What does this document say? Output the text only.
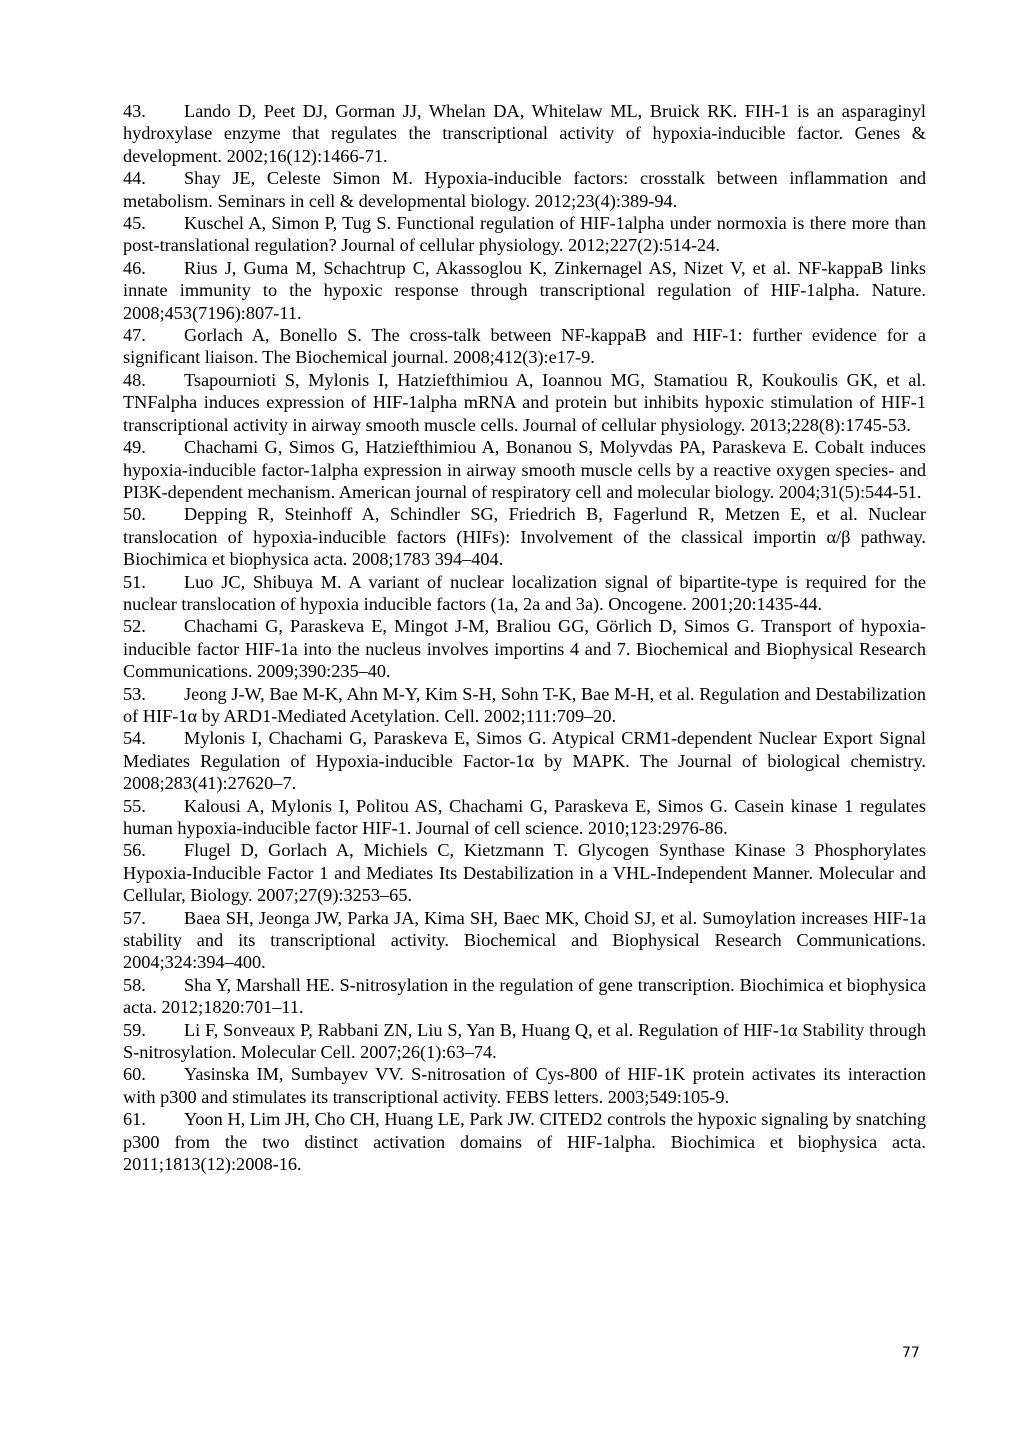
43. Lando D, Peet DJ, Gorman JJ, Whelan DA, Whitelaw ML, Bruick RK. FIH-1 is an asparaginyl hydroxylase enzyme that regulates the transcriptional activity of hypoxia-inducible factor. Genes & development. 2002;16(12):1466-71.
44. Shay JE, Celeste Simon M. Hypoxia-inducible factors: crosstalk between inflammation and metabolism. Seminars in cell & developmental biology. 2012;23(4):389-94.
45. Kuschel A, Simon P, Tug S. Functional regulation of HIF-1alpha under normoxia is there more than post-translational regulation? Journal of cellular physiology. 2012;227(2):514-24.
46. Rius J, Guma M, Schachtrup C, Akassoglou K, Zinkernagel AS, Nizet V, et al. NF-kappaB links innate immunity to the hypoxic response through transcriptional regulation of HIF-1alpha. Nature. 2008;453(7196):807-11.
47. Gorlach A, Bonello S. The cross-talk between NF-kappaB and HIF-1: further evidence for a significant liaison. The Biochemical journal. 2008;412(3):e17-9.
48. Tsapournioti S, Mylonis I, Hatziefthimiou A, Ioannou MG, Stamatiou R, Koukoulis GK, et al. TNFalpha induces expression of HIF-1alpha mRNA and protein but inhibits hypoxic stimulation of HIF-1 transcriptional activity in airway smooth muscle cells. Journal of cellular physiology. 2013;228(8):1745-53.
49. Chachami G, Simos G, Hatziefthimiou A, Bonanou S, Molyvdas PA, Paraskeva E. Cobalt induces hypoxia-inducible factor-1alpha expression in airway smooth muscle cells by a reactive oxygen species- and PI3K-dependent mechanism. American journal of respiratory cell and molecular biology. 2004;31(5):544-51.
50. Depping R, Steinhoff A, Schindler SG, Friedrich B, Fagerlund R, Metzen E, et al. Nuclear translocation of hypoxia-inducible factors (HIFs): Involvement of the classical importin α/β pathway. Biochimica et biophysica acta. 2008;1783 394–404.
51. Luo JC, Shibuya M. A variant of nuclear localization signal of bipartite-type is required for the nuclear translocation of hypoxia inducible factors (1a, 2a and 3a). Oncogene. 2001;20:1435-44.
52. Chachami G, Paraskeva E, Mingot J-M, Braliou GG, Görlich D, Simos G. Transport of hypoxia-inducible factor HIF-1a into the nucleus involves importins 4 and 7. Biochemical and Biophysical Research Communications. 2009;390:235–40.
53. Jeong J-W, Bae M-K, Ahn M-Y, Kim S-H, Sohn T-K, Bae M-H, et al. Regulation and Destabilization of HIF-1α by ARD1-Mediated Acetylation. Cell. 2002;111:709–20.
54. Mylonis I, Chachami G, Paraskeva E, Simos G. Atypical CRM1-dependent Nuclear Export Signal Mediates Regulation of Hypoxia-inducible Factor-1α by MAPK. The Journal of biological chemistry. 2008;283(41):27620–7.
55. Kalousi A, Mylonis I, Politou AS, Chachami G, Paraskeva E, Simos G. Casein kinase 1 regulates human hypoxia-inducible factor HIF-1. Journal of cell science. 2010;123:2976-86.
56. Flugel D, Gorlach A, Michiels C, Kietzmann T. Glycogen Synthase Kinase 3 Phosphorylates Hypoxia-Inducible Factor 1 and Mediates Its Destabilization in a VHL-Independent Manner. Molecular and Cellular, Biology. 2007;27(9):3253–65.
57. Baea SH, Jeonga JW, Parka JA, Kima SH, Baec MK, Choid SJ, et al. Sumoylation increases HIF-1a stability and its transcriptional activity. Biochemical and Biophysical Research Communications. 2004;324:394–400.
58. Sha Y, Marshall HE. S-nitrosylation in the regulation of gene transcription. Biochimica et biophysica acta. 2012;1820:701–11.
59. Li F, Sonveaux P, Rabbani ZN, Liu S, Yan B, Huang Q, et al. Regulation of HIF-1α Stability through S-nitrosylation. Molecular Cell. 2007;26(1):63–74.
60. Yasinska IM, Sumbayev VV. S-nitrosation of Cys-800 of HIF-1K protein activates its interaction with p300 and stimulates its transcriptional activity. FEBS letters. 2003;549:105-9.
61. Yoon H, Lim JH, Cho CH, Huang LE, Park JW. CITED2 controls the hypoxic signaling by snatching p300 from the two distinct activation domains of HIF-1alpha. Biochimica et biophysica acta. 2011;1813(12):2008-16.
77
